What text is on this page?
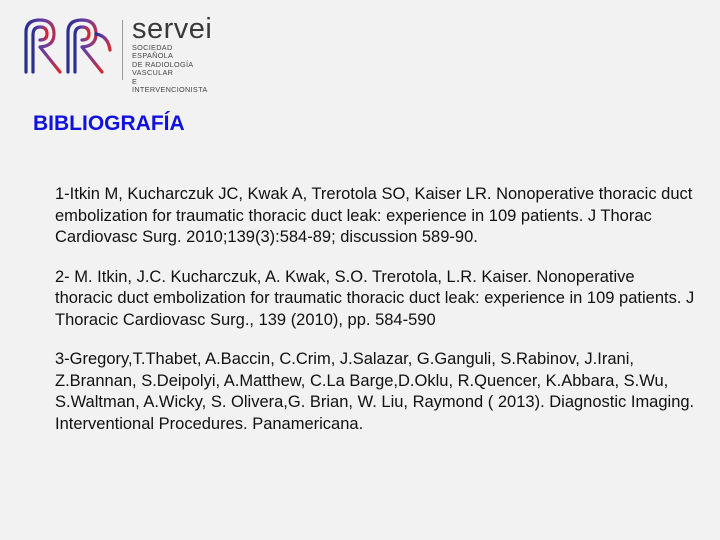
servei
SOCIEDAD ESPAÑOLA
DE RADIOLOGÍA
VASCULAR
E INTERVENCIONISTA
BIBLIOGRAFÍA

1-Itkin M, Kucharczuk JC, Kwak A, Trerotola SO, Kaiser LR. Nonoperative thoracic duct embolization for traumatic thoracic duct leak: experience in 109 patients. J Thorac Cardiovasc Surg. 2010;139(3):584-89; discussion 589-90.

2- M. Itkin, J.C. Kucharczuk, A. Kwak, S.O. Trerotola, L.R. Kaiser. Nonoperative thoracic duct embolization for traumatic thoracic duct leak: experience in 109 patients. J Thoracic Cardiovasc Surg., 139 (2010), pp. 584-590

3-Gregory,T.Thabet, A.Baccin, C.Crim, J.Salazar, G.Ganguli, S.Rabinov, J.Irani, Z.Brannan, S.Deipolyi, A.Matthew, C.La Barge,D.Oklu, R.Quencer, K.Abbara, S.Wu, S.Waltman, A.Wicky, S. Olivera,G. Brian, W. Liu, Raymond ( 2013). Diagnostic Imaging. Interventional Procedures. Panamericana.
